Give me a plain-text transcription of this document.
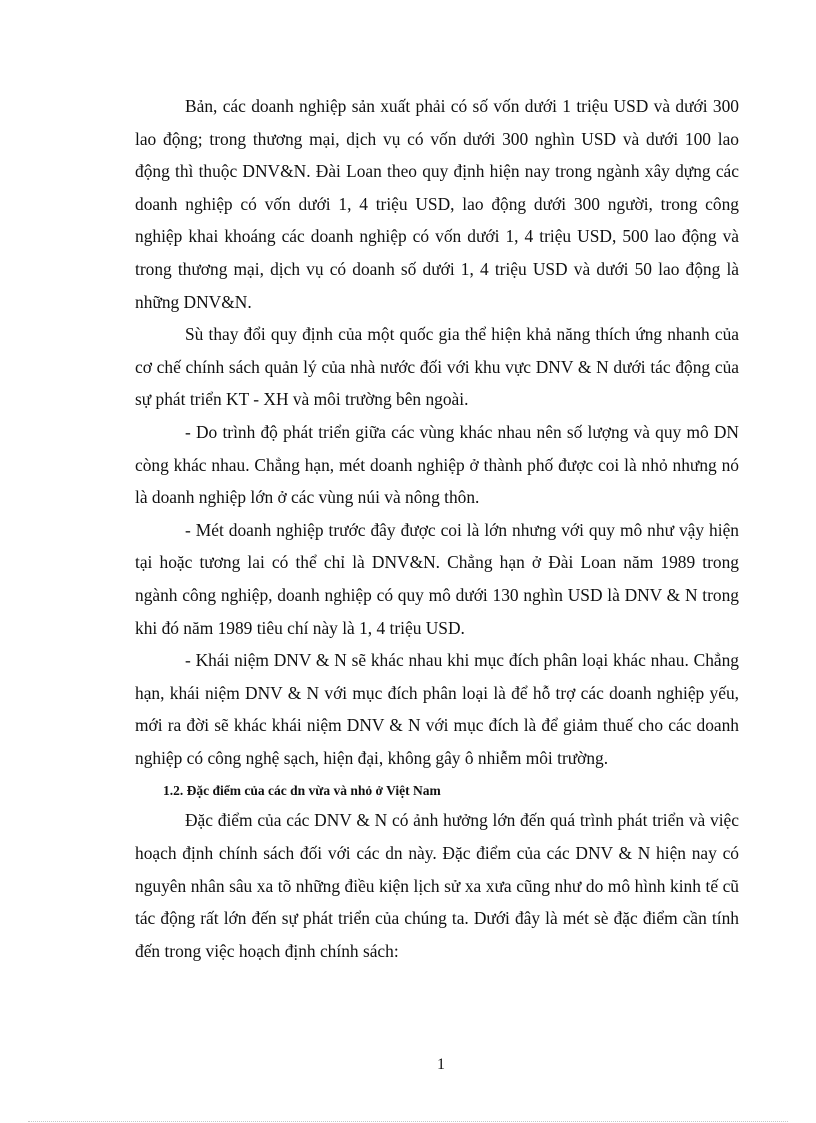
Bản, các doanh nghiệp sản xuất phải có số vốn dưới 1 triệu USD và dưới 300 lao động; trong thương mại, dịch vụ có vốn dưới 300 nghìn USD và dưới 100 lao động thì thuộc DNV&N. Đài Loan theo quy định hiện nay trong ngành xây dựng các doanh nghiệp có vốn dưới 1, 4 triệu USD, lao động dưới 300 người, trong công nghiệp khai khoáng các doanh nghiệp có vốn dưới 1, 4 triệu USD, 500 lao động và trong thương mại, dịch vụ có doanh số dưới 1, 4 triệu USD và dưới 50 lao động là những DNV&N.

Sù thay đổi quy định của một quốc gia thể hiện khả năng thích ứng nhanh của cơ chế chính sách quản lý của nhà nước đối với khu vực DNV & N dưới tác động của sự phát triển KT - XH và môi trường bên ngoài.

- Do trình độ phát triển giữa các vùng khác nhau nên số lượng và quy mô DN còng khác nhau. Chẳng hạn, mét doanh nghiệp ở thành phố được coi là nhỏ nhưng nó là doanh nghiệp lớn ở các vùng núi và nông thôn.

- Mét doanh nghiệp trước đây được coi là lớn nhưng với quy mô như vậy hiện tại hoặc tương lai có thể chỉ là DNV&N. Chẳng hạn ở Đài Loan năm 1989 trong ngành công nghiệp, doanh nghiệp có quy mô dưới 130 nghìn USD là DNV & N trong khi đó năm 1989 tiêu chí này là 1, 4 triệu USD.

- Khái niệm DNV & N sẽ khác nhau khi mục đích phân loại khác nhau. Chẳng hạn, khái niệm DNV & N với mục đích phân loại là để hỗ trợ các doanh nghiệp yếu, mới ra đời sẽ khác khái niệm DNV & N với mục đích là để giảm thuế cho các doanh nghiệp có công nghệ sạch, hiện đại, không gây ô nhiễm môi trường.

1.2. Đặc điểm của các dn vừa và nhỏ ở Việt Nam

Đặc điểm của các DNV & N có ảnh hưởng lớn đến quá trình phát triển và việc hoạch định chính sách đối với các dn này. Đặc điểm của các DNV & N hiện nay có nguyên nhân sâu xa tõ những điều kiện lịch sử xa xưa cũng như do mô hình kinh tế cũ tác động rất lớn đến sự phát triển của chúng ta. Dưới đây là mét sè đặc điểm cần tính đến trong việc hoạch định chính sách:

1
